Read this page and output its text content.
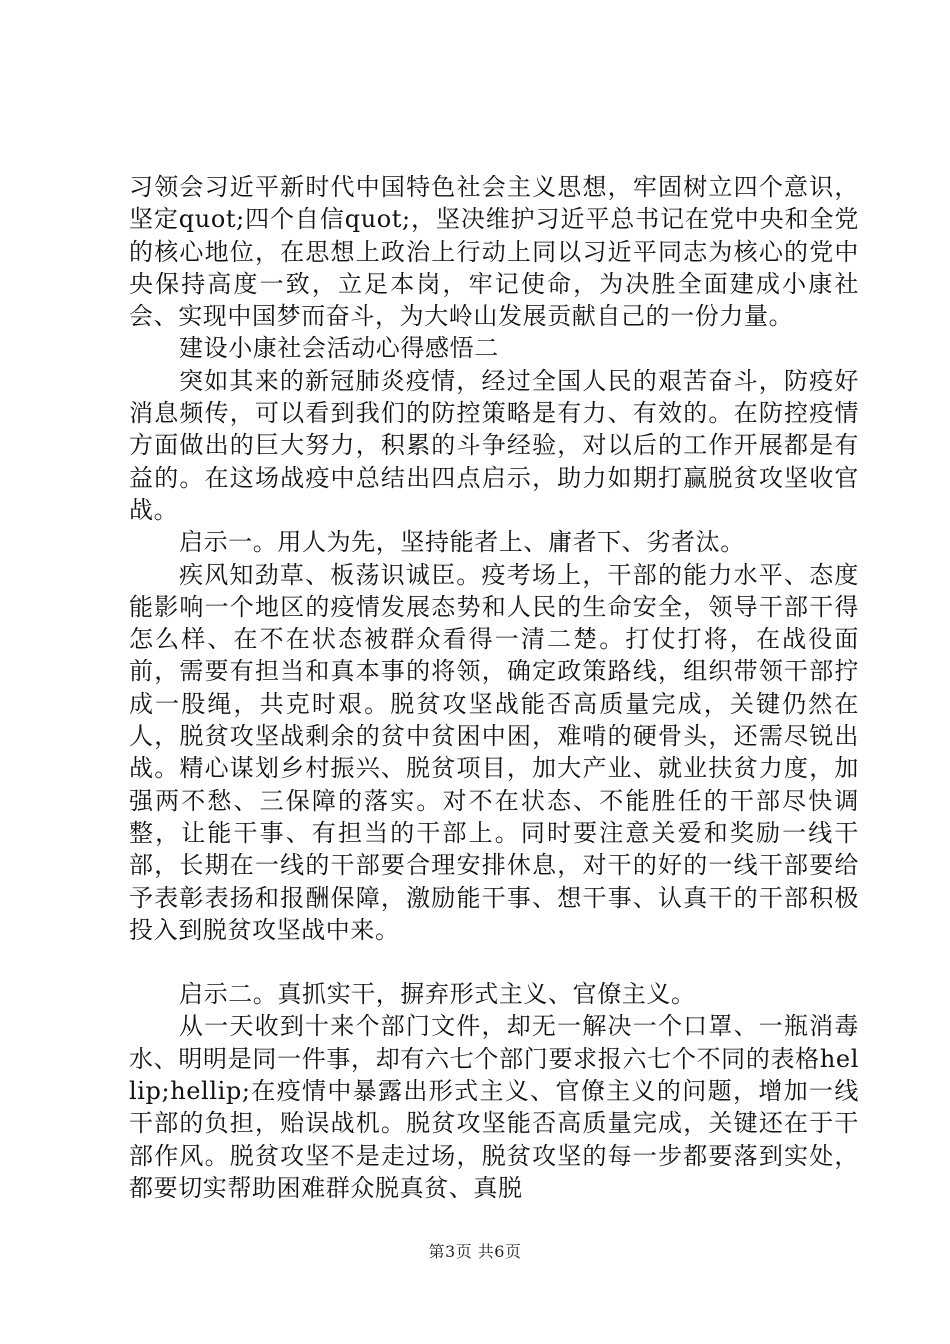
习领会习近平新时代中国特色社会主义思想，牢固树立四个意识，坚定quot;四个自信quot;，坚决维护习近平总书记在党中央和全党的核心地位，在思想上政治上行动上同以习近平同志为核心的党中央保持高度一致，立足本岗，牢记使命，为决胜全面建成小康社会、实现中国梦而奋斗，为大岭山发展贡献自己的一份力量。

建设小康社会活动心得感悟二

突如其来的新冠肺炎疫情，经过全国人民的艰苦奋斗，防疫好消息频传，可以看到我们的防控策略是有力、有效的。在防控疫情方面做出的巨大努力，积累的斗争经验，对以后的工作开展都是有益的。在这场战疫中总结出四点启示，助力如期打赢脱贫攻坚收官战。

启示一。用人为先，坚持能者上、庸者下、劣者汰。

疾风知劲草、板荡识诚臣。疫考场上，干部的能力水平、态度能影响一个地区的疫情发展态势和人民的生命安全，领导干部干得怎么样、在不在状态被群众看得一清二楚。打仗打将，在战役面前，需要有担当和真本事的将领，确定政策路线，组织带领干部拧成一股绳，共克时艰。脱贫攻坚战能否高质量完成，关键仍然在人，脱贫攻坚战剩余的贫中贫困中困，难啃的硬骨头，还需尽锐出战。精心谋划乡村振兴、脱贫项目，加大产业、就业扶贫力度，加强两不愁、三保障的落实。对不在状态、不能胜任的干部尽快调整，让能干事、有担当的干部上。同时要注意关爱和奖励一线干部，长期在一线的干部要合理安排休息，对干的好的一线干部要给予表彰表扬和报酬保障，激励能干事、想干事、认真干的干部积极投入到脱贫攻坚战中来。

启示二。真抓实干，摒弃形式主义、官僚主义。

从一天收到十来个部门文件，却无一解决一个口罩、一瓶消毒水、明明是同一件事，却有六七个部门要求报六七个不同的表格hellip;hellip;在疫情中暴露出形式主义、官僚主义的问题，增加一线干部的负担，贻误战机。脱贫攻坚能否高质量完成，关键还在于干部作风。脱贫攻坚不是走过场，脱贫攻坚的每一步都要落到实处，都要切实帮助困难群众脱真贫、真脱

第3页 共6页
